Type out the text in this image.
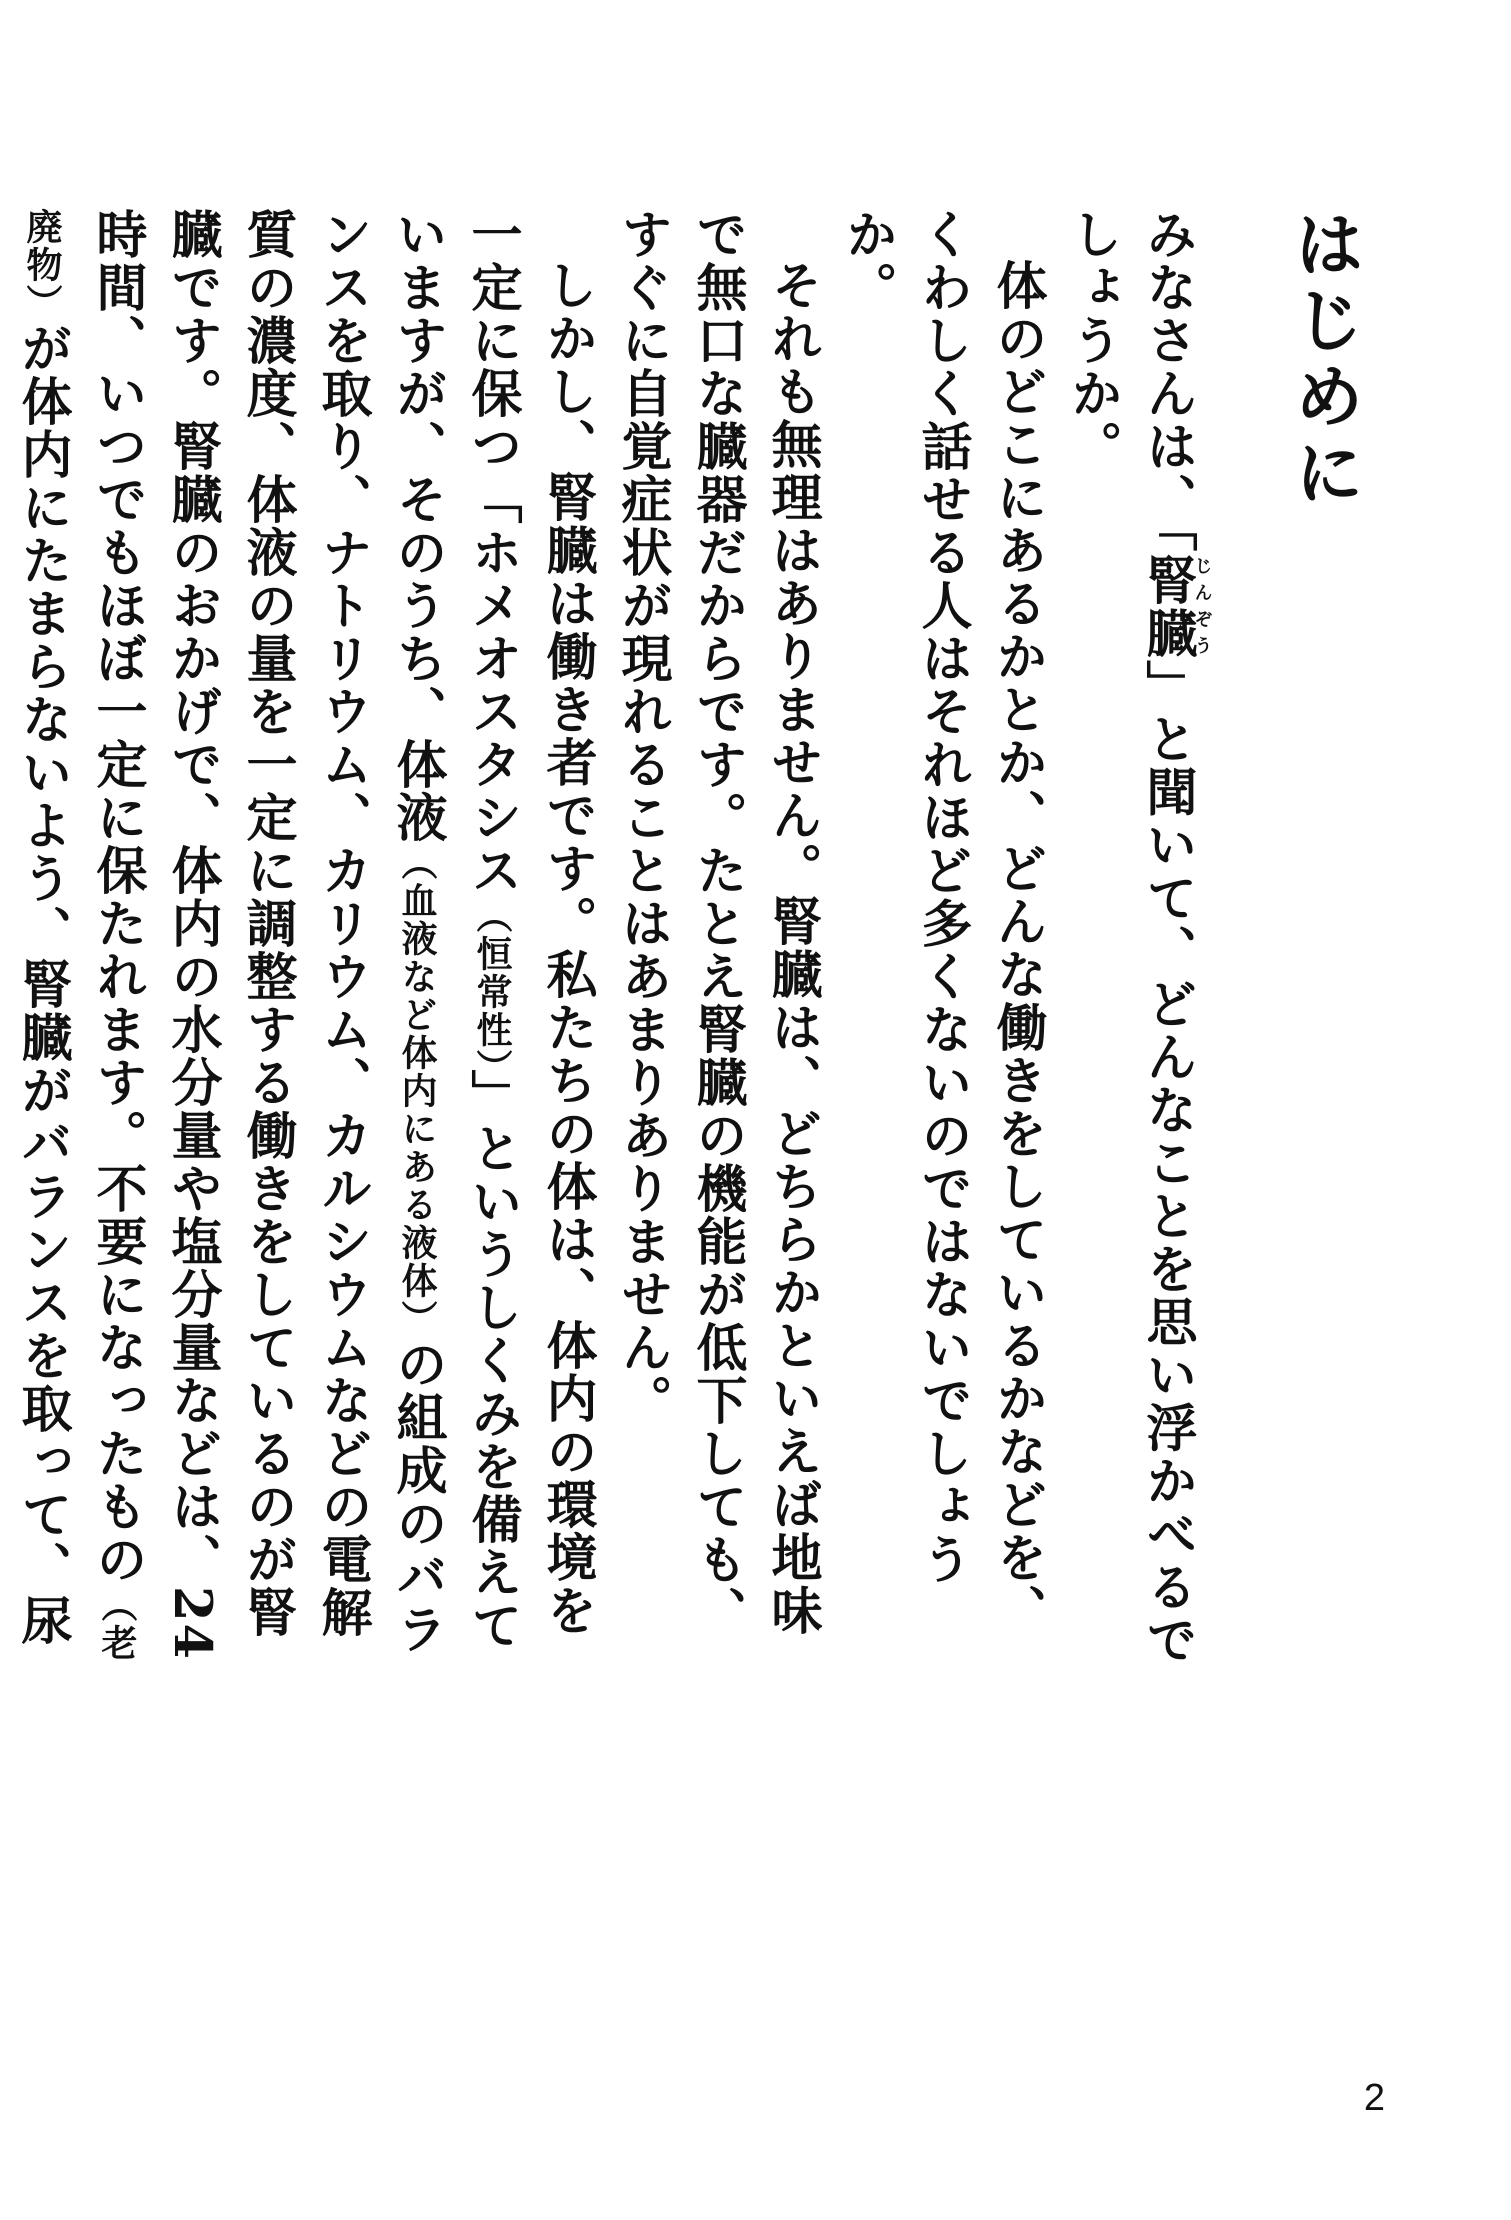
はじめに

みなさんは、「腎臓じんぞう」と聞いて、どんなことを思い浮かべるでしょうか。

体のどこにあるかとか、どんな働きをしているかなどを、くわしく話せる人はそれほど多くないのではないでしょうか。

それも無理はありません。腎臓は、どちらかといえば地味で無口な臓器だからです。たとえ腎臓の機能が低下しても、すぐに自覚症状が現れることはあまりありません。

しかし、腎臓は働き者です。私たちの体は、体内の環境を一定に保つ「ホメオスタシス（恒常性）」というしくみを備えていますが、そのうち、体液（血液など体内にある液体）の組成のバランスを取り、ナトリウム、カリウム、カルシウムなどの電解質の濃度、体液の量を一定に調整する働きをしているのが腎臓です。腎臓のおかげで、体内の水分量や塩分量などは、24時間、いつでもほぼ一定に保たれます。不要になったもの（老廃物）が体内にたまらないよう、腎臓がバランスを取って、尿

2
